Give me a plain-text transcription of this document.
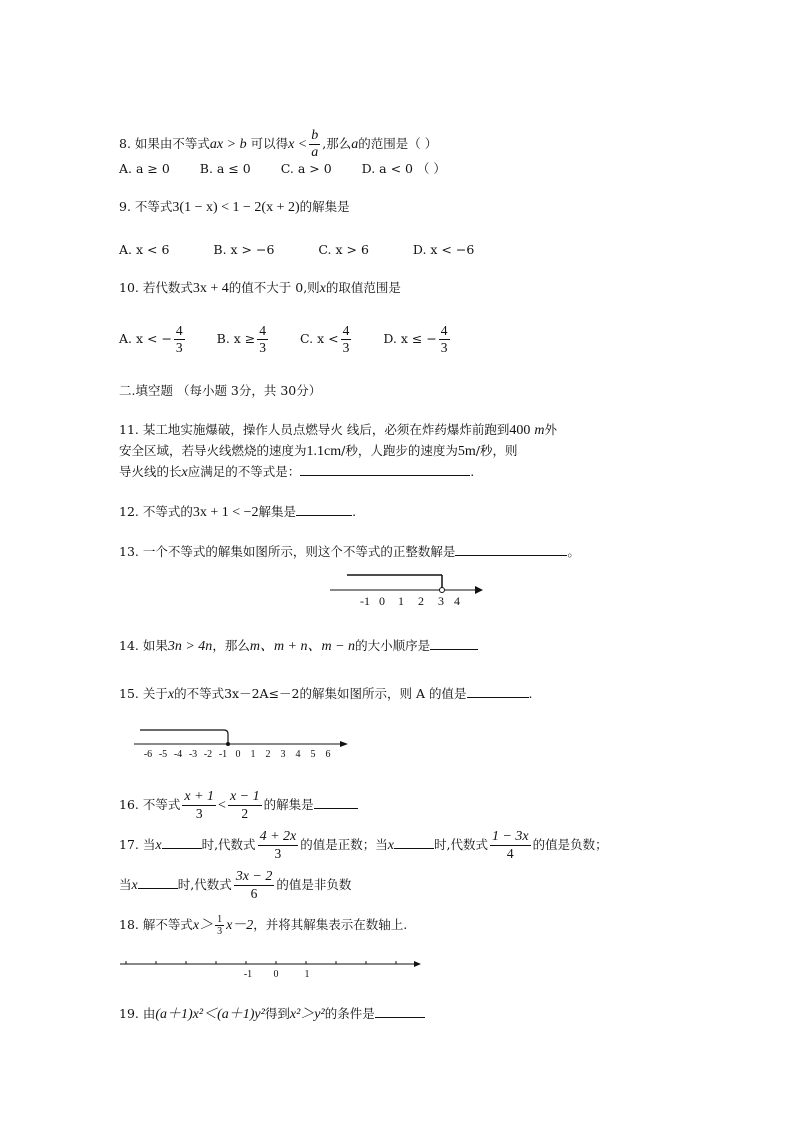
8. 如果由不等式ax > b 可以得$x < \frac{b}{a}$ ,那么a的范围是（ ）
A. a ≥ 0 B. a ≤ 0 C. a > 0 D. a < 0 （ ）
9. 不等式3(1 − x) < 1 − 2(x + 2)的解集是
A. x < 6	B. x > −6	C. x > 6	D. x < −6
10. 若代数式3x + 4的值不大于 0,则x的取值范围是
A. x < − $\frac{4}{3}$	B. $x \ge \frac{4}{3}$	C. $x < \frac{4}{3}$	D. x ≤ − $\frac{4}{3}$
二.填空题 （每小题 3分，共 30分）
11. 某工地实施爆破，操作人员点燃导火 线后，必须在炸药爆炸前跑到400 m外
安全区域，若导火线燃烧的速度为1.1cm/秒，人跑步的速度为5m/秒，则
导火线的长x应满足的不等式是：	.
12. 不等式的3x + 1 < −2解集是	.
13. 一个不等式的解集如图所示，则这个不等式的正整数解是	。
-1 0 1 2 3 4
14. 如果3n > 4n，那么m、m + n、m − n的大小顺序是
15. 关于x的不等式3x－2A≤－2的解集如图所示，则 A 的值是	.
-6 -5 -4 -3 -2 -1 0 1 2 3 4 5 6
16. 不等式 $\frac{x + 1}{3} < \frac{x - 1}{2}$ 的解集是
17. 当x	时,代数式 $\frac{4 + 2x}{3}$ 的值是正数；当x	时,代数式 $\frac{1 - 3x}{4}$ 的值是负数；
当x	时,代数式 $\frac{3x - 2}{6}$ 的值是非负数
18. 解不等式$x> \frac{1}{3} x-2$，并将其解集表示在数轴上.
-1 0	1
19. 由(a＋1)x²＜(a＋1)y²得到x²＞y²的条件是
